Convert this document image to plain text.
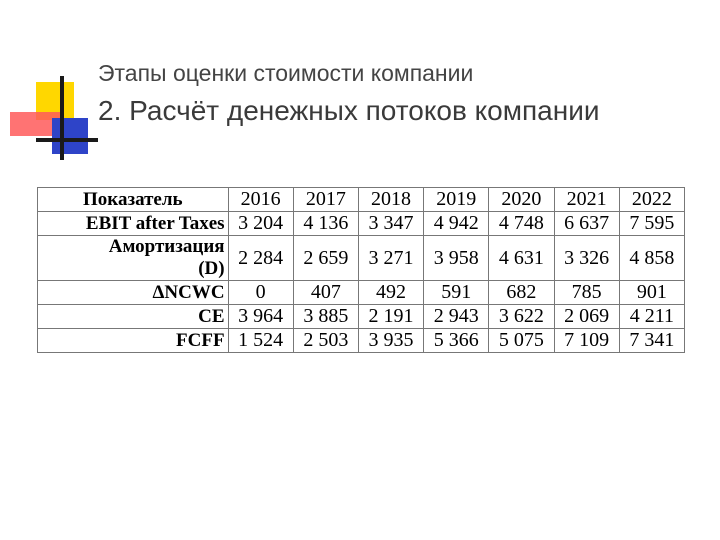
Этапы оценки стоимости компании
2. Расчёт денежных потоков компании
Показатель	2016	2017	2018	2019	2020	2021	2022
EBIT after Taxes	3 204	4 136	3 347	4 942	4 748	6 637	7 595

Амортизация
(D)	2 284	2 659	3 271	3 958	4 631	3 326	4 858
ΔNCWC	0	407	492	591	682	785	901
CE	3 964	3 885	2 191	2 943	3 622	2 069	4 211
FCFF	1 524	2 503	3 935	5 366	5 075	7 109	7 341
